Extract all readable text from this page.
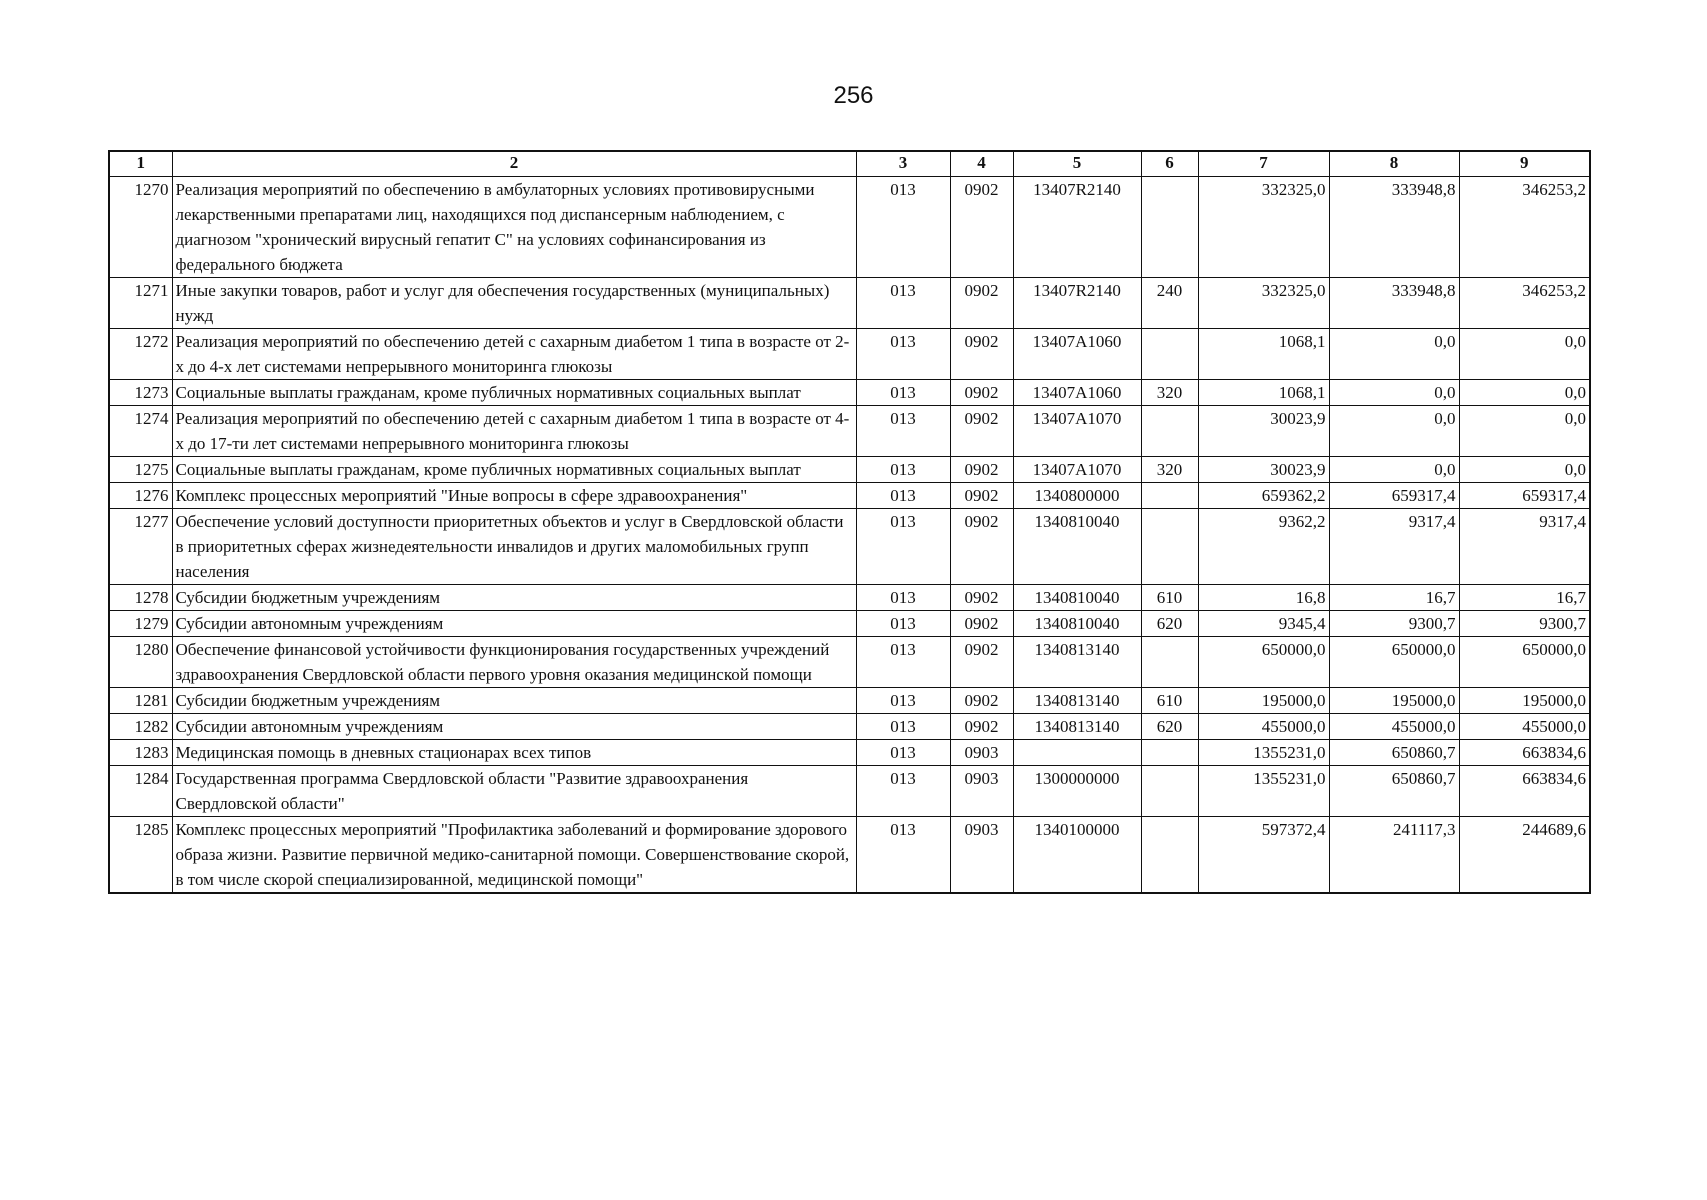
256
1	2	3	4	5	6	7	8	9
1270	Реализация мероприятий по обеспечению в амбулаторных условиях противовирусными лекарственными препаратами лиц, находящихся под диспансерным наблюдением, с диагнозом "хронический вирусный гепатит С" на условиях софинансирования из федерального бюджета	013	0902	13407R2140		332325,0	333948,8	346253,2
1271	Иные закупки товаров, работ и услуг для обеспечения государственных (муниципальных) нужд	013	0902	13407R2140	240	332325,0	333948,8	346253,2
1272	Реализация мероприятий по обеспечению детей с сахарным диабетом 1 типа в возрасте от 2-х до 4-х лет системами непрерывного мониторинга глюкозы	013	0902	13407A1060		1068,1	0,0	0,0
1273	Социальные выплаты гражданам, кроме публичных нормативных социальных выплат	013	0902	13407A1060	320	1068,1	0,0	0,0
1274	Реализация мероприятий по обеспечению детей с сахарным диабетом 1 типа в возрасте от 4-х до 17-ти лет системами непрерывного мониторинга глюкозы	013	0902	13407A1070		30023,9	0,0	0,0
1275	Социальные выплаты гражданам, кроме публичных нормативных социальных выплат	013	0902	13407A1070	320	30023,9	0,0	0,0
1276	Комплекс процессных мероприятий "Иные вопросы в сфере здравоохранения"	013	0902	1340800000		659362,2	659317,4	659317,4
1277	Обеспечение условий доступности приоритетных объектов и услуг в Свердловской области в приоритетных сферах жизнедеятельности инвалидов и других маломобильных групп населения	013	0902	1340810040		9362,2	9317,4	9317,4
1278	Субсидии бюджетным учреждениям	013	0902	1340810040	610	16,8	16,7	16,7
1279	Субсидии автономным учреждениям	013	0902	1340810040	620	9345,4	9300,7	9300,7
1280	Обеспечение финансовой устойчивости функционирования государственных учреждений здравоохранения Свердловской области первого уровня оказания медицинской помощи	013	0902	1340813140		650000,0	650000,0	650000,0
1281	Субсидии бюджетным учреждениям	013	0902	1340813140	610	195000,0	195000,0	195000,0
1282	Субсидии автономным учреждениям	013	0902	1340813140	620	455000,0	455000,0	455000,0
1283	Медицинская помощь в дневных стационарах всех типов	013	0903			1355231,0	650860,7	663834,6
1284	Государственная программа Свердловской области "Развитие здравоохранения Свердловской области"	013	0903	1300000000		1355231,0	650860,7	663834,6
1285	Комплекс процессных мероприятий "Профилактика заболеваний и формирование здорового образа жизни. Развитие первичной медико-санитарной помощи. Совершенствование скорой, в том числе скорой специализированной, медицинской помощи"	013	0903	1340100000		597372,4	241117,3	244689,6
